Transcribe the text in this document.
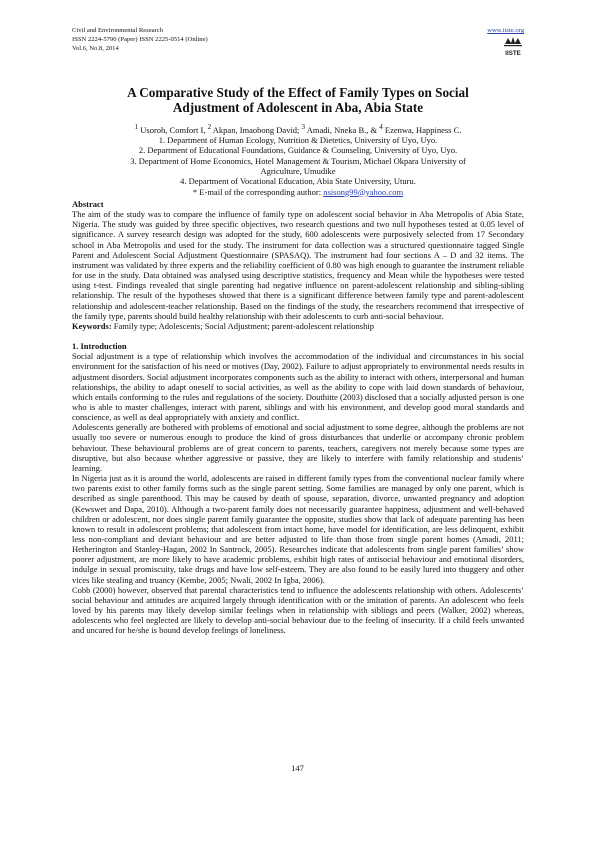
Civil and Environmental Research
ISSN 2224-5790 (Paper) ISSN 2225-0514 (Online)
Vol.6, No.8, 2014
www.iiste.org
IISTE
A Comparative Study of the Effect of Family Types on Social
Adjustment of Adolescent in Aba, Abia State
$^1$ Usoroh, Comfort I, $^2$ Akpan, Imaobong David; $^3$ Amadi, Nneka B., & $^4$ Ezenwa, Happiness C.
1. Department of Human Ecology, Nutrition & Dietetics, University of Uyo, Uyo.
2. Department of Educational Foundations, Guidance & Counseling, University of Uyo, Uyo.
3. Department of Home Economics, Hotel Management & Tourism, Michael Okpara University of
Agriculture, Umudike
4. Department of Vocational Education, Abia State University, Uturu.
* E-mail of the corresponding author: nsisong99@yahoo.com

Abstract

The aim of the study was to compare the influence of family type on adolescent social behavior in Aba Metropolis of Abia State, Nigeria. The study was guided by three specific objectives, two research questions and two null hypotheses tested at 0.05 level of significance. A survey research design was adopted for the study, 600 adolescents were purposively selected from 17 Secondary school in Aba Metropolis and used for the study. The instrument for data collection was a structured questionnaire tagged Single Parent and Adolescent Social Adjustment Questionnaire (SPASAQ). The instrument had four sections A – D and 32 items. The instrument was validated by three experts and the reliability coefficient of 0.80 was high enough to guarantee the instrument reliable for use in the study. Data obtained was analysed using descriptive statistics, frequency and Mean while the hypotheses were tested using t-test. Findings revealed that single parenting had negative influence on parent-adolescent relationship and sibling-sibling relationship. The result of the hypotheses showed that there is a significant difference between family type and parent-adolescent relationship and adolescent-teacher relationship. Based on the findings of the study, the researchers recommend that irrespective of the family type, parents should build healthy relationship with their adolescents to curb anti-social behaviour.

Keywords: Family type; Adolescents; Social Adjustment; parent-adolescent relationship

1. Introduction

Social adjustment is a type of relationship which involves the accommodation of the individual and circumstances in his social environment for the satisfaction of his need or motives (Day, 2002). Failure to adjust appropriately to environmental needs results in adjustment disorders. Social adjustment incorporates components such as the ability to interact with others, interpersonal and human relationships, the ability to adapt oneself to social activities, as well as the ability to cope with laid down standards of behaviour, which entails conforming to the rules and regulations of the society. Douthitte (2003) disclosed that a socially adjusted person is one who is able to master challenges, interact with parent, siblings and with his environment, and develop good moral standards and conscience, as well as deal appropriately with anxiety and conflict.

Adolescents generally are bothered with problems of emotional and social adjustment to some degree, although the problems are not usually too severe or numerous enough to produce the kind of gross disturbances that underlie or accompany chronic problem behaviour. These behavioural problems are of great concern to parents, teachers, caregivers not merely because some types are disruptive, but also because whether aggressive or passive, they are likely to interfere with family relationship and students’ learning.

In Nigeria just as it is around the world, adolescents are raised in different family types from the conventional nuclear family where two parents exist to other family forms such as the single parent setting. Some families are managed by only one parent, which is described as single parenthood. This may be caused by death of spouse, separation, divorce, unwanted pregnancy and adoption (Kewswet and Dapa, 2010). Although a two-parent family does not necessarily guarantee happiness, adjustment and well-behaved children or adolescent, nor does single parent family guarantee the opposite, studies show that lack of adequate parenting has been known to result in adolescent problems; that adolescent from intact home, have model for identification, are less delinquent, exhibit less non-compliant and deviant behaviour and are better adjusted to life than those from single parent homes (Amadi, 2011; Hetherington and Stanley-Hagan, 2002 In Santrock, 2005). Researches indicate that adolescents from single parent families’ show poorer adjustment, are more likely to have academic problems, exhibit high rates of antisocial behaviour and emotional disorders, indulge in sexual promiscuity, take drugs and have low self-esteem. They are also found to be easily lured into thuggery and other vices like stealing and truancy (Kembe, 2005; Nwali, 2002 In Igba, 2006).

Cobb (2000) however, observed that parental characteristics tend to influence the adolescents relationship with others. Adolescents’ social behaviour and attitudes are acquired largely through identification with or the imitation of parents. An adolescent who feels loved by his parents may likely develop similar feelings when in relationship with siblings and peers (Walker, 2002) whereas, adolescents who feel neglected are likely to develop anti-social behaviour due to the feeling of insecurity. If a child feels unwanted and uncared for he/she is bound develop feelings of loneliness.

147
